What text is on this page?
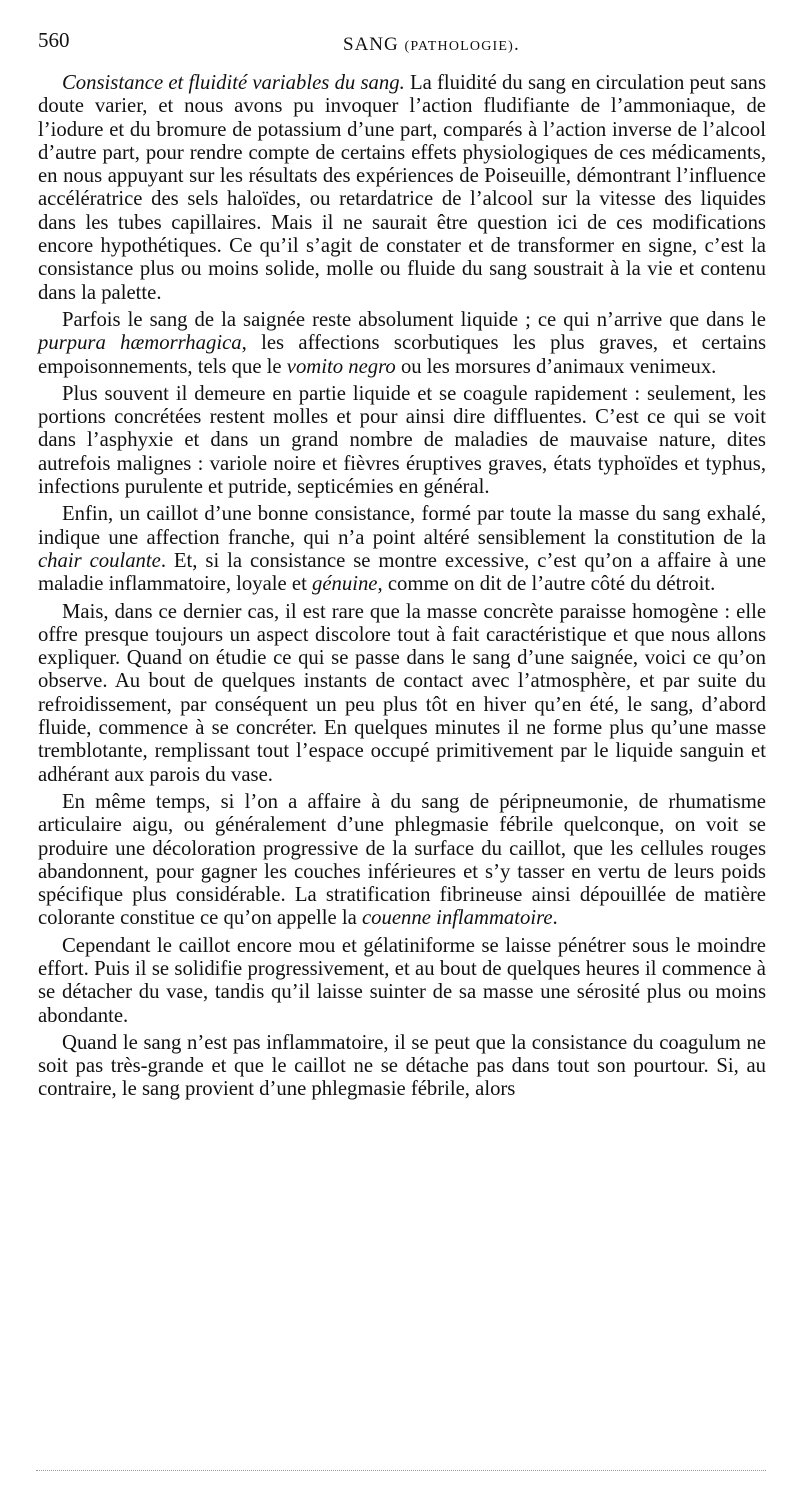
560	SANG (PATHOLOGIE).

Consistance et fluidité variables du sang. La fluidité du sang en circulation peut sans doute varier, et nous avons pu invoquer l’action fludifiante de l’ammoniaque, de l’iodure et du bromure de potassium d’une part, comparés à l’action inverse de l’alcool d’autre part, pour rendre compte de certains effets physiologiques de ces médicaments, en nous appuyant sur les résultats des expériences de Poiseuille, démontrant l’influence accélératrice des sels haloïdes, ou retardatrice de l’alcool sur la vitesse des liquides dans les tubes capillaires. Mais il ne saurait être question ici de ces modifications encore hypothétiques. Ce qu’il s’agit de constater et de transformer en signe, c’est la consistance plus ou moins solide, molle ou fluide du sang soustrait à la vie et contenu dans la palette.

Parfois le sang de la saignée reste absolument liquide ; ce qui n’arrive que dans le purpura hæmorrhagica, les affections scorbutiques les plus graves, et certains empoisonnements, tels que le vomito negro ou les morsures d’animaux venimeux.

Plus souvent il demeure en partie liquide et se coagule rapidement : seulement, les portions concrétées restent molles et pour ainsi dire diffluentes. C’est ce qui se voit dans l’asphyxie et dans un grand nombre de maladies de mauvaise nature, dites autrefois malignes : variole noire et fièvres éruptives graves, états typhoïdes et typhus, infections purulente et putride, septicémies en général.

Enfin, un caillot d’une bonne consistance, formé par toute la masse du sang exhalé, indique une affection franche, qui n’a point altéré sensiblement la constitution de la chair coulante. Et, si la consistance se montre excessive, c’est qu’on a affaire à une maladie inflammatoire, loyale et génuine, comme on dit de l’autre côté du détroit.

Mais, dans ce dernier cas, il est rare que la masse concrète paraisse homogène : elle offre presque toujours un aspect discolore tout à fait caractéristique et que nous allons expliquer. Quand on étudie ce qui se passe dans le sang d’une saignée, voici ce qu’on observe. Au bout de quelques instants de contact avec l’atmosphère, et par suite du refroidissement, par conséquent un peu plus tôt en hiver qu’en été, le sang, d’abord fluide, commence à se concréter. En quelques minutes il ne forme plus qu’une masse tremblotante, remplissant tout l’espace occupé primitivement par le liquide sanguin et adhérant aux parois du vase.

En même temps, si l’on a affaire à du sang de péripneumonie, de rhumatisme articulaire aigu, ou généralement d’une phlegmasie fébrile quelconque, on voit se produire une décoloration progressive de la surface du caillot, que les cellules rouges abandonnent, pour gagner les couches inférieures et s’y tasser en vertu de leurs poids spécifique plus considérable. La stratification fibrineuse ainsi dépouillée de matière colorante constitue ce qu’on appelle la couenne inflammatoire.

Cependant le caillot encore mou et gélatiniforme se laisse pénétrer sous le moindre effort. Puis il se solidifie progressivement, et au bout de quelques heures il commence à se détacher du vase, tandis qu’il laisse suinter de sa masse une sérosité plus ou moins abondante.

Quand le sang n’est pas inflammatoire, il se peut que la consistance du coagulum ne soit pas très-grande et que le caillot ne se détache pas dans tout son pourtour. Si, au contraire, le sang provient d’une phlegmasie fébrile, alors
